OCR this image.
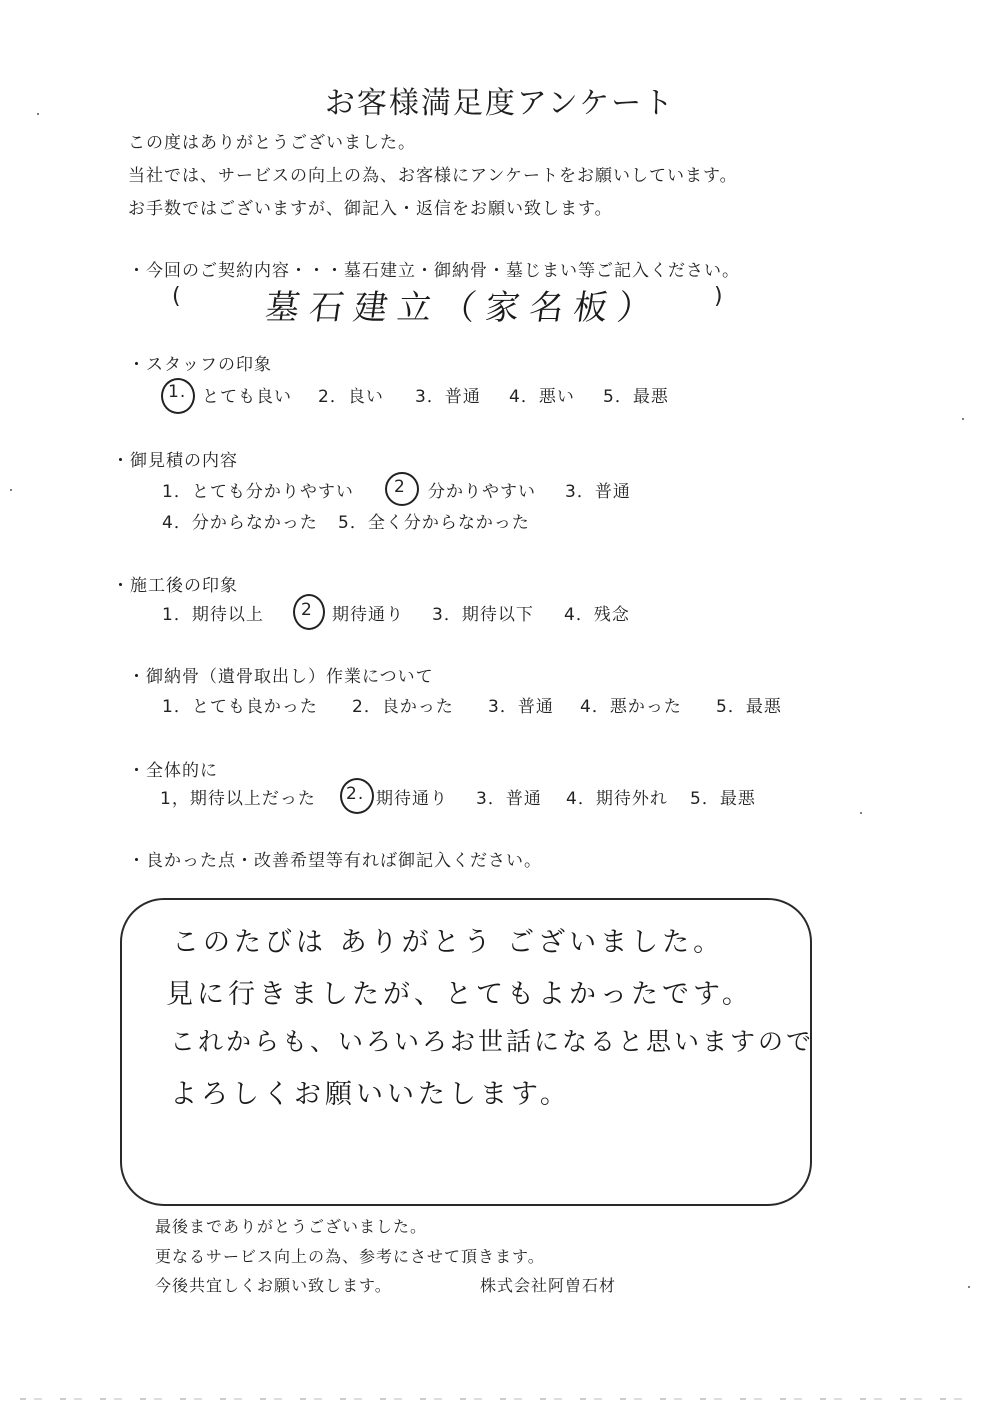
お客様満足度アンケート
この度はありがとうございました。
当社では、サービスの向上の為、お客様にアンケートをお願いしています。
お手数ではございますが、御記入・返信をお願い致します。
・今回のご契約内容・・・墓石建立・御納骨・墓じまい等ご記入ください。
( 墓石建立（家名板） )
・スタッフの印象
1. とても良い 2．良い 3．普通 4．悪い 5．最悪
・御見積の内容
1．とても分かりやすい 2 分かりやすい 3．普通
4．分からなかった 5．全く分からなかった
・施工後の印象
1．期待以上 2 期待通り 3．期待以下 4．残念
・御納骨（遺骨取出し）作業について
1．とても良かった 2．良かった 3．普通 4．悪かった 5．最悪
・全体的に
1，期待以上だった 2. 期待通り 3．普通 4．期待外れ 5．最悪
・良かった点・改善希望等有れば御記入ください。
このたびは ありがとう ございました。
見に行きましたが、とてもよかったです。
これからも、いろいろお世話になると思いますので
よろしくお願いいたします。
最後までありがとうございました。
更なるサービス向上の為、参考にさせて頂きます。
今後共宜しくお願い致します。	株式会社阿曽石材
